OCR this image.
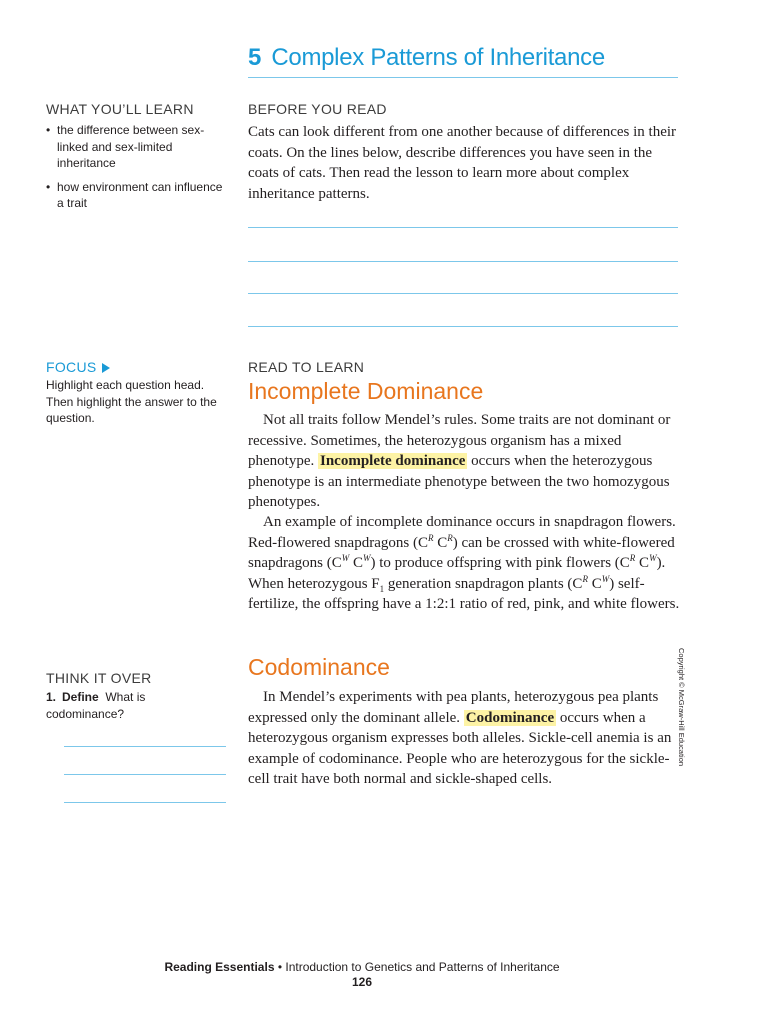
5 Complex Patterns of Inheritance
WHAT YOU’LL LEARN
• the difference between sex-linked and sex-limited inheritance
• how environment can influence a trait
BEFORE YOU READ
Cats can look different from one another because of differences in their coats. On the lines below, describe differences you have seen in the coats of cats. Then read the lesson to learn more about complex inheritance patterns.
FOCUS
Highlight each question head. Then highlight the answer to the question.
READ TO LEARN
Incomplete Dominance
Not all traits follow Mendel’s rules. Some traits are not dominant or recessive. Sometimes, the heterozygous organism has a mixed phenotype. Incomplete dominance occurs when the heterozygous phenotype is an intermediate phenotype between the two homozygous phenotypes.
An example of incomplete dominance occurs in snapdragon flowers. Red-flowered snapdragons ($C^R$ $C^R$) can be crossed with white-flowered snapdragons ($C^W$ $C^W$) to produce offspring with pink flowers ($C^R$ $C^W$). When heterozygous $F_1$ generation snapdragon plants ($C^R$ $C^W$) self-fertilize, the offspring have a 1:2:1 ratio of red, pink, and white flowers.
THINK IT OVER
1. Define What is codominance?
Codominance
In Mendel’s experiments with pea plants, heterozygous pea plants expressed only the dominant allele. Codominance occurs when a heterozygous organism expresses both alleles. Sickle-cell anemia is an example of codominance. People who are heterozygous for the sickle-cell trait have both normal and sickle-shaped cells.
Copyright © McGraw-Hill Education
Reading Essentials • Introduction to Genetics and Patterns of Inheritance
126
